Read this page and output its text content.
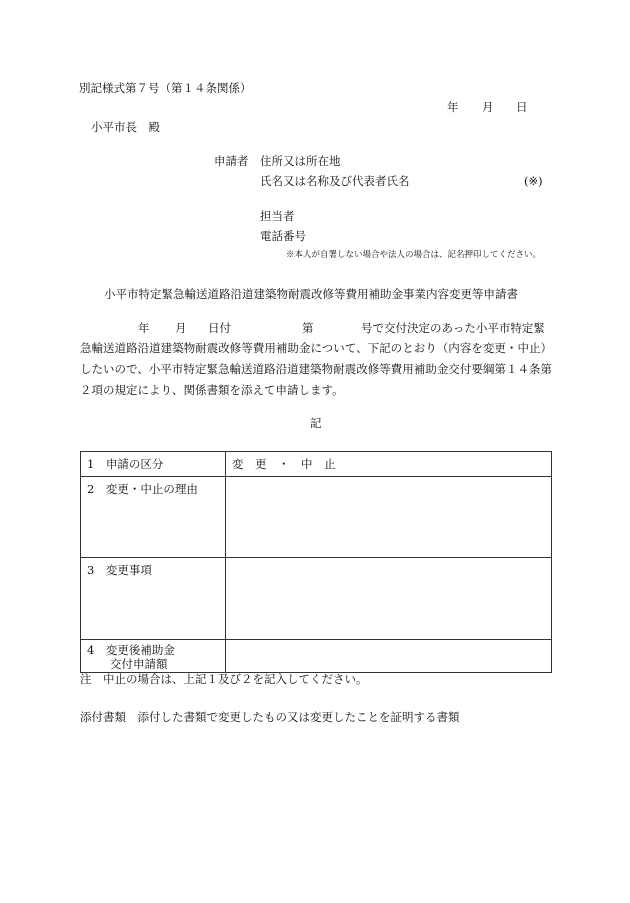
別記様式第７号（第１４条関係）
年 月 日
小平市長　殿
申請者 住所又は所在地
氏名又は名称及び代表者氏名	(※)
担当者
電話番号
※本人が自署しない場合や法人の場合は、記名押印してください。
小平市特定緊急輸送道路沿道建築物耐震改修等費用補助金事業内容変更等申請書
年 月 日付	第	号で交付決定のあった小平市特定緊
急輸送道路沿道建築物耐震改修等費用補助金について、下記のとおり（内容を変更・中止）したいので、小平市特定緊急輸送道路沿道建築物耐震改修等費用補助金交付要綱第１４条第２項の規定により、関係書類を添えて申請します。
記
1　 申請の区分	変　更　・　中　止
2　 変更・中止の理由	
3　 変更事項	
4　 変更後補助金
交付申請額	
注　中止の場合は、上記１及び２を記入してください。
添付書類　添付した書類で変更したもの又は変更したことを証明する書類
